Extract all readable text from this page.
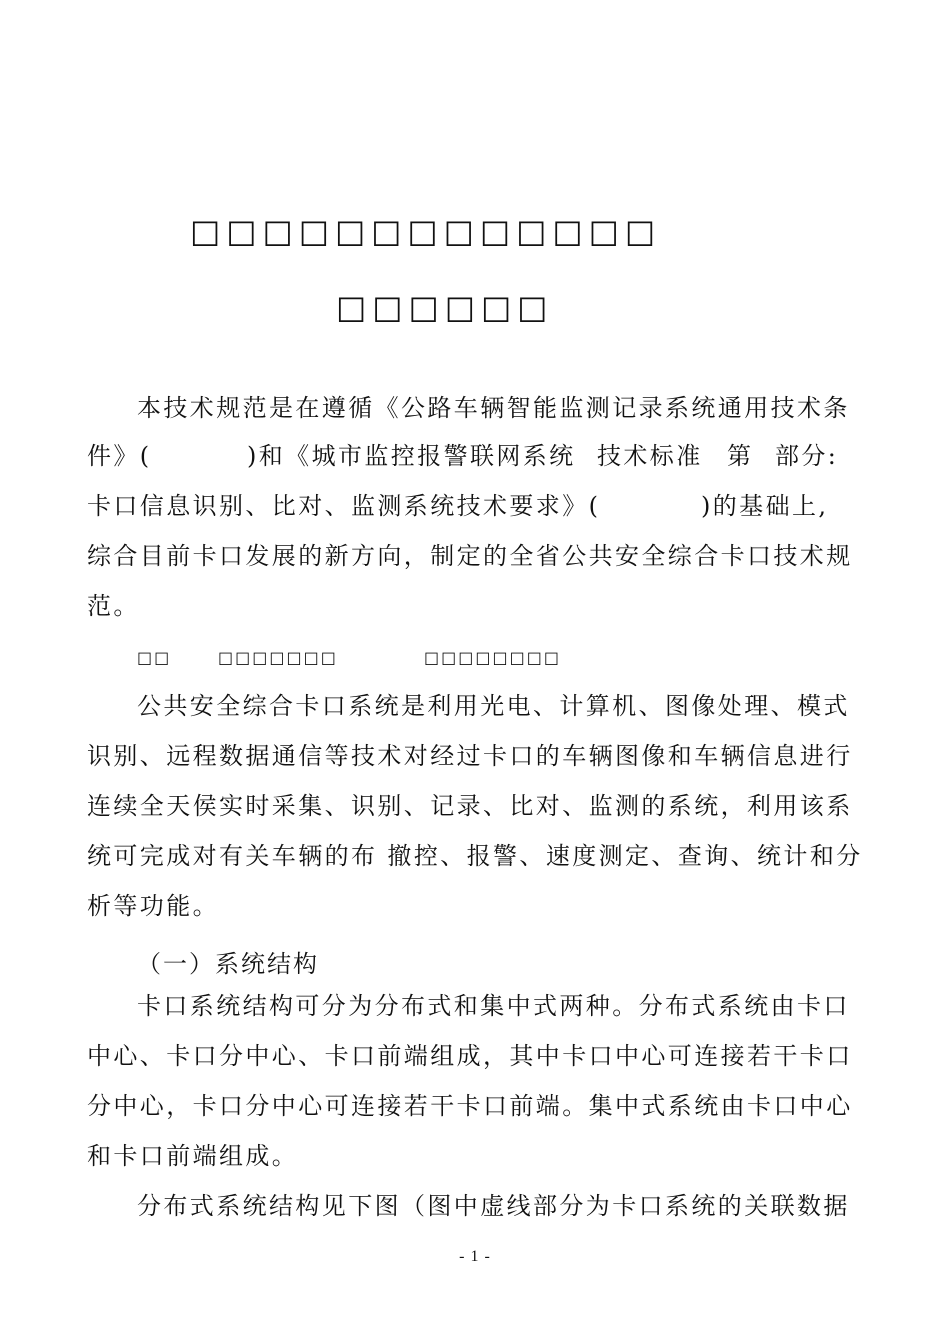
□□□□□□□□□□□□□
□□□□□□
本技术规范是在遵循《公路车辆智能监测记录系统通用技术条
件》(	)和《城市监控报警联网系统 技术标准 第 部分:
卡口信息识别、比对、监测系统技术要求》(	)的基础上,
综合目前卡口发展的新方向，制定的全省公共安全综合卡口技术规
范。
□□	□□□□□□□	□□□□□□□□
公共安全综合卡口系统是利用光电、计算机、图像处理、模式
识别、远程数据通信等技术对经过卡口的车辆图像和车辆信息进行
连续全天侯实时采集、识别、记录、比对、监测的系统，利用该系
统可完成对有关车辆的布 撤控、报警、速度测定、查询、统计和分
析等功能。
（一）系统结构
卡口系统结构可分为分布式和集中式两种。分布式系统由卡口
中心、卡口分中心、卡口前端组成，其中卡口中心可连接若干卡口
分中心，卡口分中心可连接若干卡口前端。集中式系统由卡口中心
和卡口前端组成。
分布式系统结构见下图（图中虚线部分为卡口系统的关联数据
- 1 -
